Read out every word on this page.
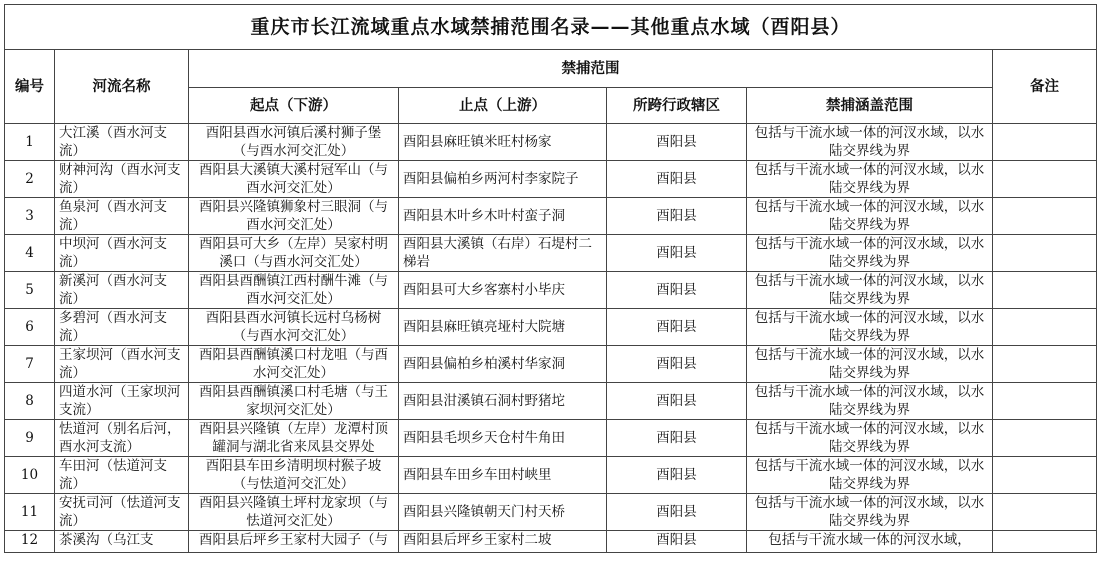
重庆市长江流域重点水域禁捕范围名录——其他重点水域（酉阳县）						
编号	河流名称	禁捕范围				备注
		起点（下游）	止点（上游）	所跨行政辖区	禁捕涵盖范围	
1	大江溪（酉水河支流）	酉阳县酉水河镇后溪村狮子堡（与酉水河交汇处）	酉阳县麻旺镇米旺村杨家	酉阳县	包括与干流水域一体的河汊水域，以水陆交界线为界	
2	财神河沟（酉水河支流）	酉阳县大溪镇大溪村冠军山（与酉水河交汇处）	酉阳县偏柏乡两河村李家院子	酉阳县	包括与干流水域一体的河汊水域，以水陆交界线为界	
3	鱼泉河（酉水河支流）	酉阳县兴隆镇狮象村三眼洞（与酉水河交汇处）	酉阳县木叶乡木叶村蛮子洞	酉阳县	包括与干流水域一体的河汊水域，以水陆交界线为界	
4	中坝河（酉水河支流）	酉阳县可大乡（左岸）吴家村明溪口（与酉水河交汇处）	酉阳县大溪镇（右岸）石堤村二梯岩	酉阳县	包括与干流水域一体的河汊水域，以水陆交界线为界	
5	新溪河（酉水河支流）	酉阳县酉酬镇江西村酬牛滩（与酉水河交汇处）	酉阳县可大乡客寨村小毕庆	酉阳县	包括与干流水域一体的河汊水域，以水陆交界线为界	
6	多碧河（酉水河支流）	酉阳县酉水河镇长远村乌杨树（与酉水河交汇处）	酉阳县麻旺镇亮垭村大院塘	酉阳县	包括与干流水域一体的河汊水域，以水陆交界线为界	
7	王家坝河（酉水河支流）	酉阳县酉酬镇溪口村龙咀（与酉水河交汇处）	酉阳县偏柏乡柏溪村华家洞	酉阳县	包括与干流水域一体的河汊水域，以水陆交界线为界	
8	四道水河（王家坝河支流）	酉阳县酉酬镇溪口村毛塘（与王家坝河交汇处）	酉阳县泔溪镇石洞村野猪坨	酉阳县	包括与干流水域一体的河汊水域，以水陆交界线为界	
9	怯道河（别名后河，酉水河支流）	酉阳县兴隆镇（左岸）龙潭村顶罐洞与湖北省来凤县交界处	酉阳县毛坝乡天仓村牛角田	酉阳县	包括与干流水域一体的河汊水域，以水陆交界线为界	
10	车田河（怯道河支流）	酉阳县车田乡清明坝村猴子坡（与怯道河交汇处）	酉阳县车田乡车田村峡里	酉阳县	包括与干流水域一体的河汊水域，以水陆交界线为界	
11	安抚司河（怯道河支流）	酉阳县兴隆镇土坪村龙家坝（与怯道河交汇处）	酉阳县兴隆镇朝天门村天桥	酉阳县	包括与干流水域一体的河汊水域，以水陆交界线为界	
12	茶溪沟（乌江支	酉阳县后坪乡王家村大园子（与	酉阳县后坪乡王家村二坡	酉阳县	包括与干流水域一体的河汊水域，	
